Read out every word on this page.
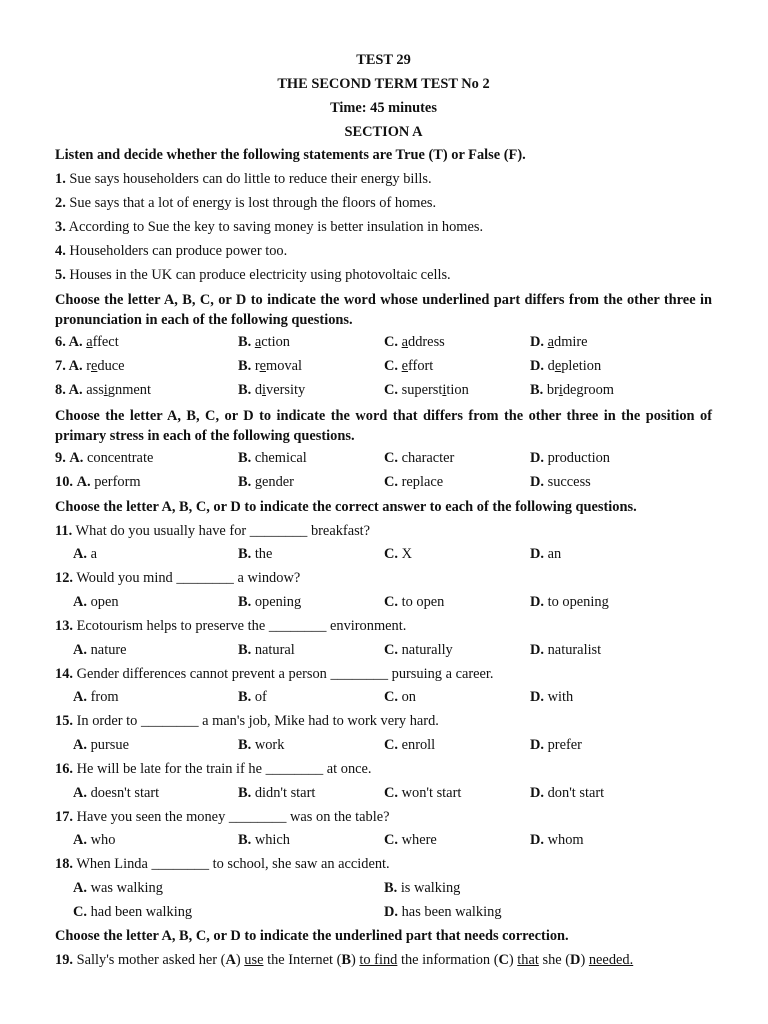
TEST 29
THE SECOND TERM TEST No 2
Time: 45 minutes
SECTION A
Listen and decide whether the following statements are True (T) or False (F).
1. Sue says householders can do little to reduce their energy bills.
2. Sue says that a lot of energy is lost through the floors of homes.
3. According to Sue the key to saving money is better insulation in homes.
4. Householders can produce power too.
5. Houses in the UK can produce electricity using photovoltaic cells.
Choose the letter A, B, C, or D to indicate the word whose underlined part differs from the other three in pronunciation in each of the following questions.
6. A. affect	B. action	C. address	D. admire
7. A. reduce	B. removal	C. effort	D. depletion
8. A. assignment	B. diversity	C. superstition	B. bridegroom
Choose the letter A, B, C, or D to indicate the word that differs from the other three in the position of primary stress in each of the following questions.
9. A. concentrate	B. chemical	C. character	D. production
10. A. perform	B. gender	C. replace	D. success
Choose the letter A, B, C, or D to indicate the correct answer to each of the following questions.
11. What do you usually have for ________ breakfast?
A. a	B. the	C. X	D. an
12. Would you mind ________ a window?
A. open	B. opening	C. to open	D. to opening
13. Ecotourism helps to preserve the ________ environment.
A. nature	B. natural	C. naturally	D. naturalist
14. Gender differences cannot prevent a person ________ pursuing a career.
A. from	B. of	C. on	D. with
15. In order to ________ a man's job, Mike had to work very hard.
A. pursue	B. work	C. enroll	D. prefer
16. He will be late for the train if he ________ at once.
A. doesn't start	B. didn't start	C. won't start	D. don't start
17. Have you seen the money ________ was on the table?
A. who	B. which	C. where	D. whom
18. When Linda ________ to school, she saw an accident.
A. was walking	B. is walking
C. had been walking	D. has been walking
Choose the letter A, B, C, or D to indicate the underlined part that needs correction.
19. Sally's mother asked her (A) use the Internet (B) to find the information (C) that she (D) needed.
